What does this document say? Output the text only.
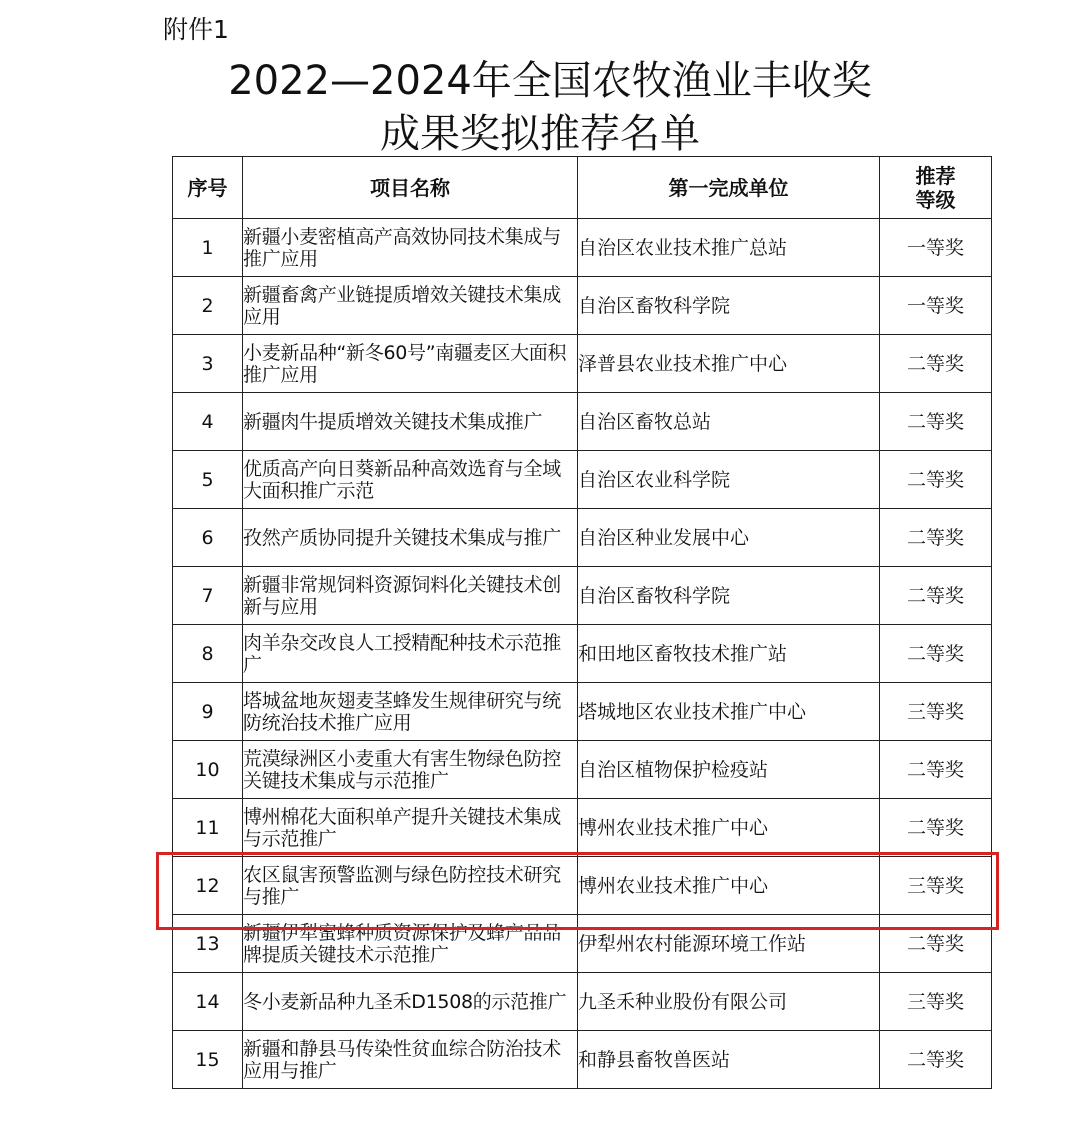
附件1
2022—2024年全国农牧渔业丰收奖
成果奖拟推荐名单
序号	项目名称	第一完成单位	推荐
等级
1	新疆小麦密植高产高效协同技术集成与推广应用	自治区农业技术推广总站	一等奖
2	新疆畜禽产业链提质增效关键技术集成应用	自治区畜牧科学院	一等奖
3	小麦新品种“新冬60号”南疆麦区大面积推广应用	泽普县农业技术推广中心	二等奖
4	新疆肉牛提质增效关键技术集成推广	自治区畜牧总站	二等奖
5	优质高产向日葵新品种高效选育与全域大面积推广示范	自治区农业科学院	二等奖
6	孜然产质协同提升关键技术集成与推广	自治区种业发展中心	二等奖
7	新疆非常规饲料资源饲料化关键技术创新与应用	自治区畜牧科学院	二等奖
8	肉羊杂交改良人工授精配种技术示范推广	和田地区畜牧技术推广站	二等奖
9	塔城盆地灰翅麦茎蜂发生规律研究与统防统治技术推广应用	塔城地区农业技术推广中心	三等奖
10	荒漠绿洲区小麦重大有害生物绿色防控关键技术集成与示范推广	自治区植物保护检疫站	二等奖
11	博州棉花大面积单产提升关键技术集成与示范推广	博州农业技术推广中心	二等奖
12	农区鼠害预警监测与绿色防控技术研究与推广	博州农业技术推广中心	三等奖
13	新疆伊犁蜜蜂种质资源保护及蜂产品品牌提质关键技术示范推广	伊犁州农村能源环境工作站	二等奖
14	冬小麦新品种九圣禾D1508的示范推广	九圣禾种业股份有限公司	三等奖
15	新疆和静县马传染性贫血综合防治技术应用与推广	和静县畜牧兽医站	二等奖
